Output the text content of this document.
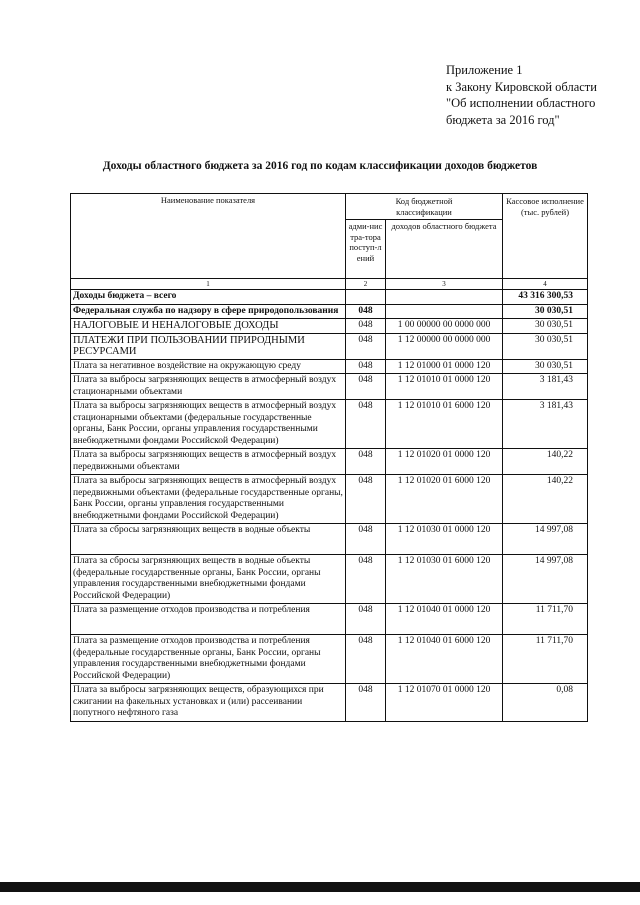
Приложение 1
к Закону Кировской области
"Об исполнении областного
бюджета за 2016 год"
Доходы областного бюджета за 2016 год по кодам классификации доходов бюджетов
Наименование показателя	Код бюджетной классификации		Кассовое исполнение (тыс. рублей)
	адми-нистра-тора поступ-лений	доходов областного бюджета	
1	2	3	4
Доходы бюджета – всего			43 316 300,53
Федеральная служба по надзору в сфере природопользования	048		30 030,51
НАЛОГОВЫЕ И НЕНАЛОГОВЫЕ ДОХОДЫ	048	1 00 00000 00 0000 000	30 030,51
ПЛАТЕЖИ ПРИ ПОЛЬЗОВАНИИ ПРИРОДНЫМИ РЕСУРСАМИ	048	1 12 00000 00 0000 000	30 030,51
Плата за негативное воздействие на окружающую среду	048	1 12 01000 01 0000 120	30 030,51
Плата за выбросы загрязняющих веществ в атмосферный воздух стационарными объектами	048	1 12 01010 01 0000 120	3 181,43
Плата за выбросы загрязняющих веществ в атмосферный воздух стационарными объектами (федеральные государственные органы, Банк России, органы управления государственными внебюджетными фондами Российской Федерации)	048	1 12 01010 01 6000 120	3 181,43
Плата за выбросы загрязняющих веществ в атмосферный воздух передвижными объектами	048	1 12 01020 01 0000 120	140,22
Плата за выбросы загрязняющих веществ в атмосферный воздух передвижными объектами (федеральные государственные органы, Банк России, органы управления государственными внебюджетными фондами Российской Федерации)	048	1 12 01020 01 6000 120	140,22
Плата за сбросы загрязняющих веществ в водные объекты	048	1 12 01030 01 0000 120	14 997,08
Плата за сбросы загрязняющих веществ в водные объекты (федеральные государственные органы, Банк России, органы управления государственными внебюджетными фондами Российской Федерации)	048	1 12 01030 01 6000 120	14 997,08
Плата за размещение отходов производства и потребления	048	1 12 01040 01 0000 120	11 711,70
Плата за размещение отходов производства и потребления (федеральные государственные органы, Банк России, органы управления государственными внебюджетными фондами Российской Федерации)	048	1 12 01040 01 6000 120	11 711,70
Плата за выбросы загрязняющих веществ, образующихся при сжигании на факельных установках и (или) рассеивании попутного нефтяного газа	048	1 12 01070 01 0000 120	0,08
